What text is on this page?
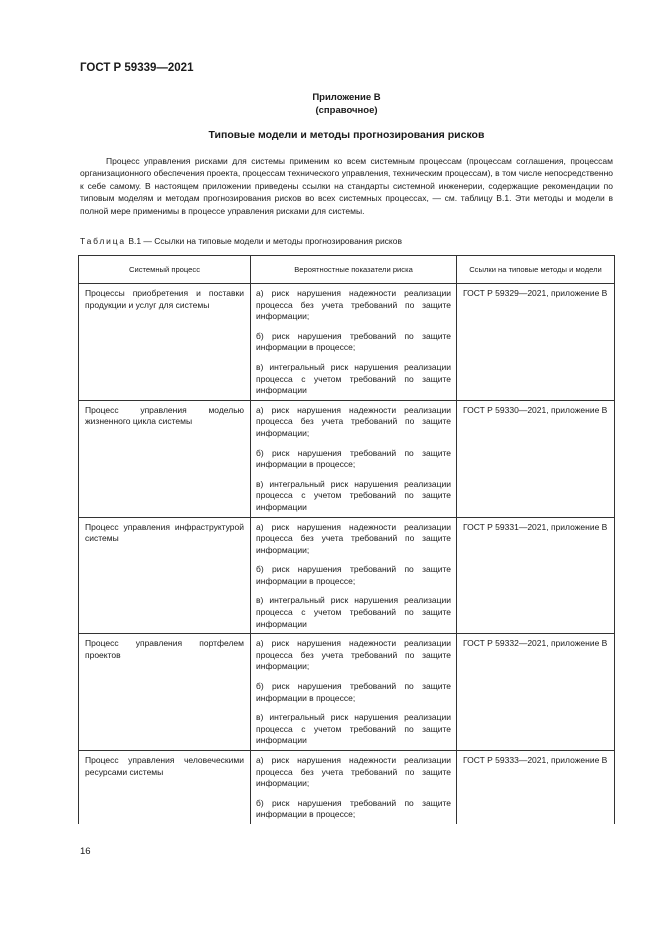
ГОСТ Р 59339—2021
Приложение В
(справочное)
Типовые модели и методы прогнозирования рисков

Процесс управления рисками для системы применим ко всем системным процессам (процессам соглашения, процессам организационного обеспечения проекта, процессам технического управления, техническим процессам), в том числе непосредственно к себе самому. В настоящем приложении приведены ссылки на стандарты системной инженерии, содержащие рекомендации по типовым моделям и методам прогнозирования рисков во всех системных процессах, — см. таблицу В.1. Эти методы и модели в полной мере применимы в процессе управления рисками для системы.

Таблица В.1 — Ссылки на типовые модели и методы прогнозирования рисков
Системный процесс	Вероятностные показатели риска	Ссылки на типовые методы и модели

Процессы приобретения и поставки продукции и услуг для системы	а) риск нарушения надежности реализации процесса без учета требований по защите информации;
б) риск нарушения требований по защите информации в процессе;
в) интегральный риск нарушения реализации процесса с учетом требований по защите информации	ГОСТ Р 59329—2021, приложение В

Процесс управления моделью жизненного цикла системы	а) риск нарушения надежности реализации процесса без учета требований по защите информации;
б) риск нарушения требований по защите информации в процессе;
в) интегральный риск нарушения реализации процесса с учетом требований по защите информации	ГОСТ Р 59330—2021, приложение В

Процесс управления инфраструктурой системы	а) риск нарушения надежности реализации процесса без учета требований по защите информации;
б) риск нарушения требований по защите информации в процессе;
в) интегральный риск нарушения реализации процесса с учетом требований по защите информации	ГОСТ Р 59331—2021, приложение В

Процесс управления портфелем проектов	а) риск нарушения надежности реализации процесса без учета требований по защите информации;
б) риск нарушения требований по защите информации в процессе;
в) интегральный риск нарушения реализации процесса с учетом требований по защите информации	ГОСТ Р 59332—2021, приложение В

Процесс управления человеческими ресурсами системы	а) риск нарушения надежности реализации процесса без учета требований по защите информации;
б) риск нарушения требований по защите информации в процессе;	ГОСТ Р 59333—2021, приложение В
16
